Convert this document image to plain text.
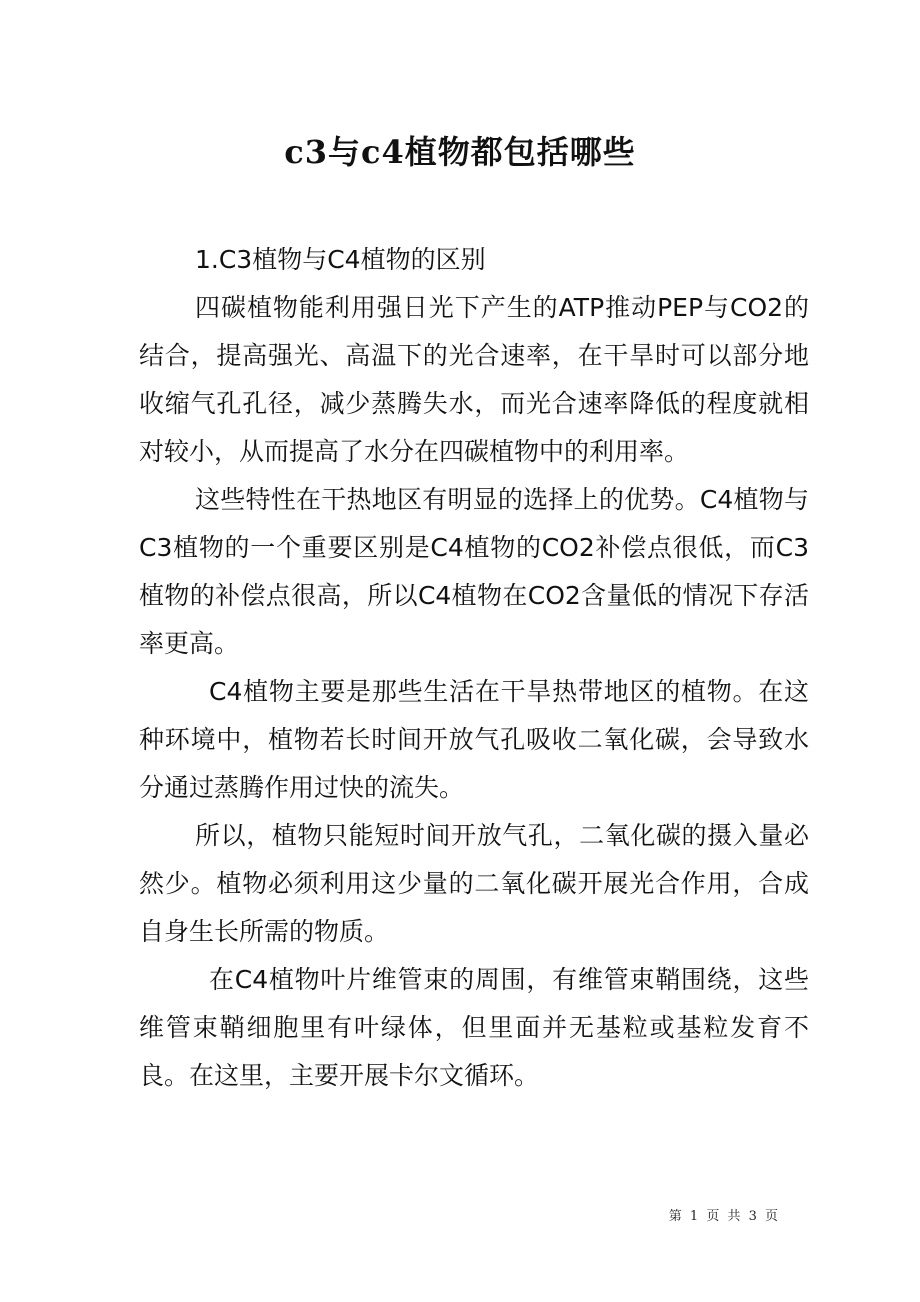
c3与c4植物都包括哪些

1.C3植物与C4植物的区别

四碳植物能利用强日光下产生的ATP推动PEP与CO2的结合，提高强光、高温下的光合速率，在干旱时可以部分地收缩气孔孔径，减少蒸腾失水，而光合速率降低的程度就相对较小，从而提高了水分在四碳植物中的利用率。

这些特性在干热地区有明显的选择上的优势。C4植物与C3植物的一个重要区别是C4植物的CO2补偿点很低，而C3植物的补偿点很高，所以C4植物在CO2含量低的情况下存活率更高。

C4植物主要是那些生活在干旱热带地区的植物。在这种环境中，植物若长时间开放气孔吸收二氧化碳，会导致水分通过蒸腾作用过快的流失。

所以，植物只能短时间开放气孔，二氧化碳的摄入量必然少。植物必须利用这少量的二氧化碳开展光合作用，合成自身生长所需的物质。

在C4植物叶片维管束的周围，有维管束鞘围绕，这些维管束鞘细胞里有叶绿体，但里面并无基粒或基粒发育不良。在这里，主要开展卡尔文循环。

第 1 页 共 3 页
